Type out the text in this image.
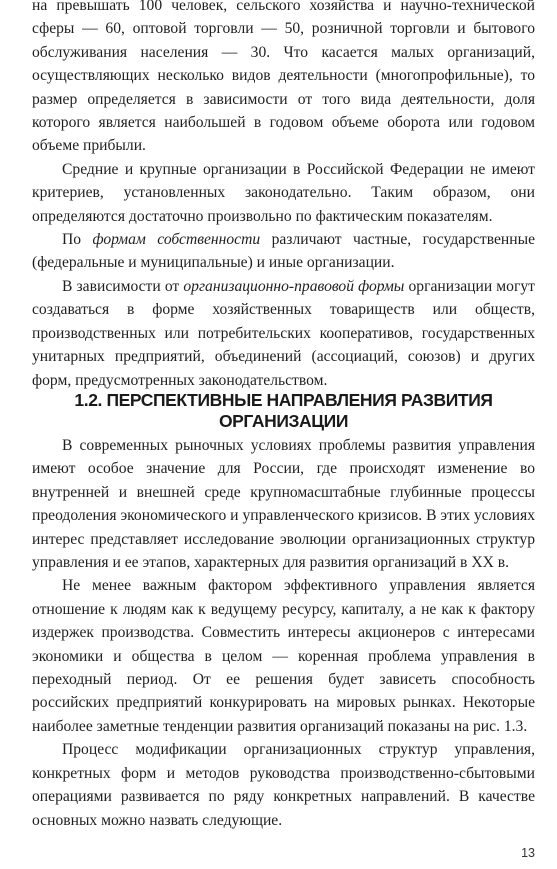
на превышать 100 человек, сельского хозяйства и научно-технической сферы — 60, оптовой торговли — 50, розничной торговли и бытового обслуживания населения — 30. Что касается малых организаций, осуществляющих несколько видов деятельности (многопрофильные), то размер определяется в зависимости от того вида деятельности, доля которого является наибольшей в годовом объеме оборота или годовом объеме прибыли.

Средние и крупные организации в Российской Федерации не имеют критериев, установленных законодательно. Таким образом, они определяются достаточно произвольно по фактическим показателям.

По формам собственности различают частные, государственные (федеральные и муниципальные) и иные организации.

В зависимости от организационно-правовой формы организации могут создаваться в форме хозяйственных товариществ или обществ, производственных или потребительских кооперативов, государственных унитарных предприятий, объединений (ассоциаций, союзов) и других форм, предусмотренных законодательством.

1.2. ПЕРСПЕКТИВНЫЕ НАПРАВЛЕНИЯ РАЗВИТИЯ ОРГАНИЗАЦИИ

В современных рыночных условиях проблемы развития управления имеют особое значение для России, где происходят изменение во внутренней и внешней среде крупномасштабные глубинные процессы преодоления экономического и управленческого кризисов. В этих условиях интерес представляет исследование эволюции организационных структур управления и ее этапов, характерных для развития организаций в XX в.

Не менее важным фактором эффективного управления является отношение к людям как к ведущему ресурсу, капиталу, а не как к фактору издержек производства. Совместить интересы акционеров с интересами экономики и общества в целом — коренная проблема управления в переходный период. От ее решения будет зависеть способность российских предприятий конкурировать на мировых рынках. Некоторые наиболее заметные тенденции развития организаций показаны на рис. 1.3.

Процесс модификации организационных структур управления, конкретных форм и методов руководства производственно-сбытовыми операциями развивается по ряду конкретных направлений. В качестве основных можно назвать следующие.

13
